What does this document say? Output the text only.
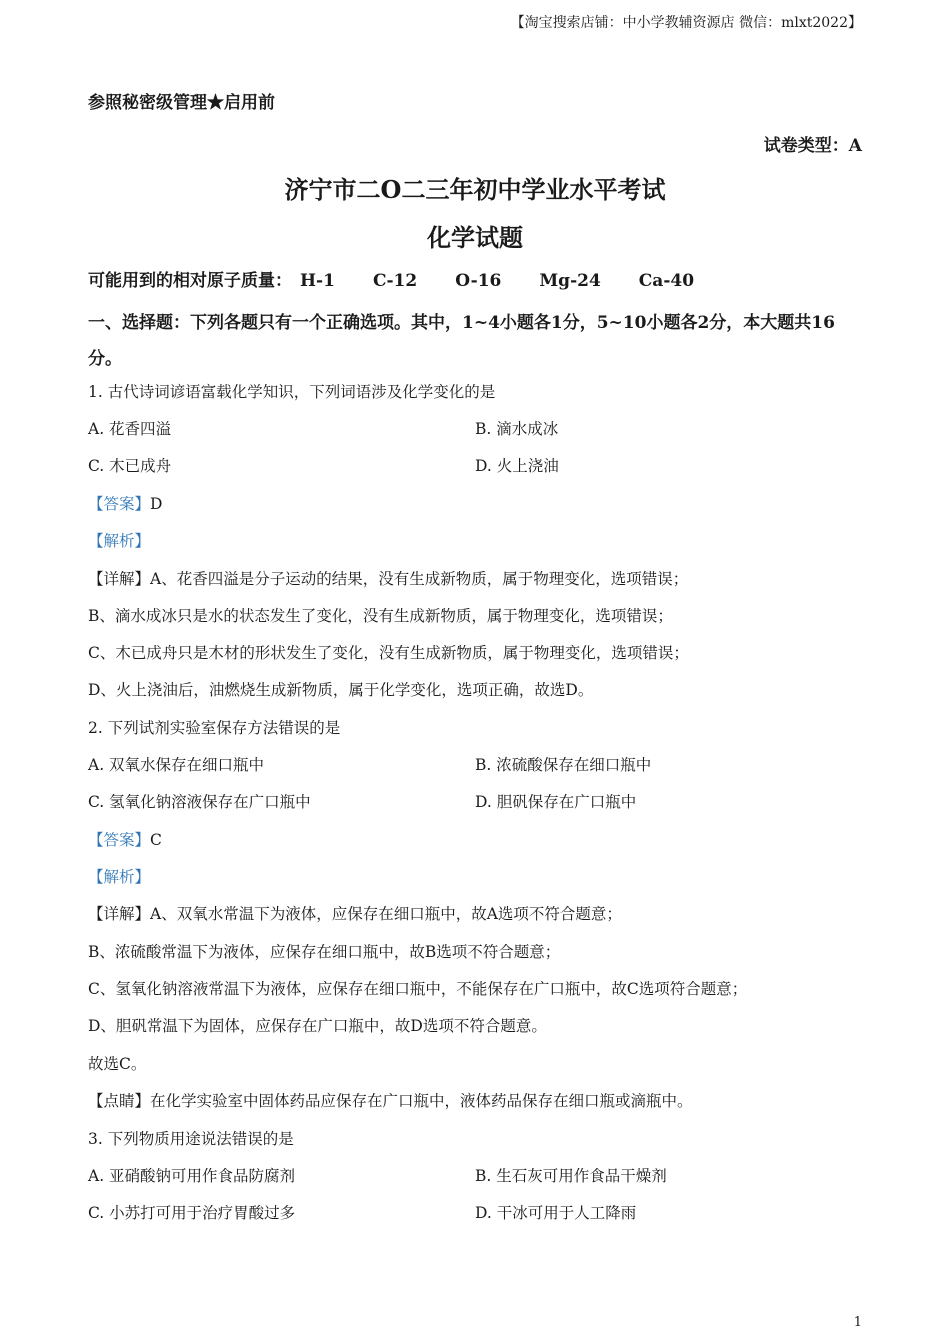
【淘宝搜索店铺：中小学教辅资源店 微信：mlxt2022】
参照秘密级管理★启用前
试卷类型：A
济宁市二O二三年初中学业水平考试
化学试题
可能用到的相对原子质量： H-1 C-12 O-16 Mg-24 Ca-40
一、选择题：下列各题只有一个正确选项。其中，1~4小题各1分，5~10小题各2分，本大题共16分。
1. 古代诗词谚语富载化学知识，下列词语涉及化学变化的是
A. 花香四溢	B. 滴水成冰
C. 木已成舟	D. 火上浇油
【答案】D
【解析】
【详解】A、花香四溢是分子运动的结果，没有生成新物质，属于物理变化，选项错误；
B、滴水成冰只是水的状态发生了变化，没有生成新物质，属于物理变化，选项错误；
C、木已成舟只是木材的形状发生了变化，没有生成新物质，属于物理变化，选项错误；
D、火上浇油后，油燃烧生成新物质，属于化学变化，选项正确，故选D。
2. 下列试剂实验室保存方法错误的是
A. 双氧水保存在细口瓶中	B. 浓硫酸保存在细口瓶中
C. 氢氧化钠溶液保存在广口瓶中	D. 胆矾保存在广口瓶中
【答案】C
【解析】
【详解】A、双氧水常温下为液体，应保存在细口瓶中，故A选项不符合题意；
B、浓硫酸常温下为液体，应保存在细口瓶中，故B选项不符合题意；
C、氢氧化钠溶液常温下为液体，应保存在细口瓶中，不能保存在广口瓶中，故C选项符合题意；
D、胆矾常温下为固体，应保存在广口瓶中，故D选项不符合题意。
故选C。
【点睛】在化学实验室中固体药品应保存在广口瓶中，液体药品保存在细口瓶或滴瓶中。
3. 下列物质用途说法错误的是
A. 亚硝酸钠可用作食品防腐剂	B. 生石灰可用作食品干燥剂
C. 小苏打可用于治疗胃酸过多	D. 干冰可用于人工降雨
1
